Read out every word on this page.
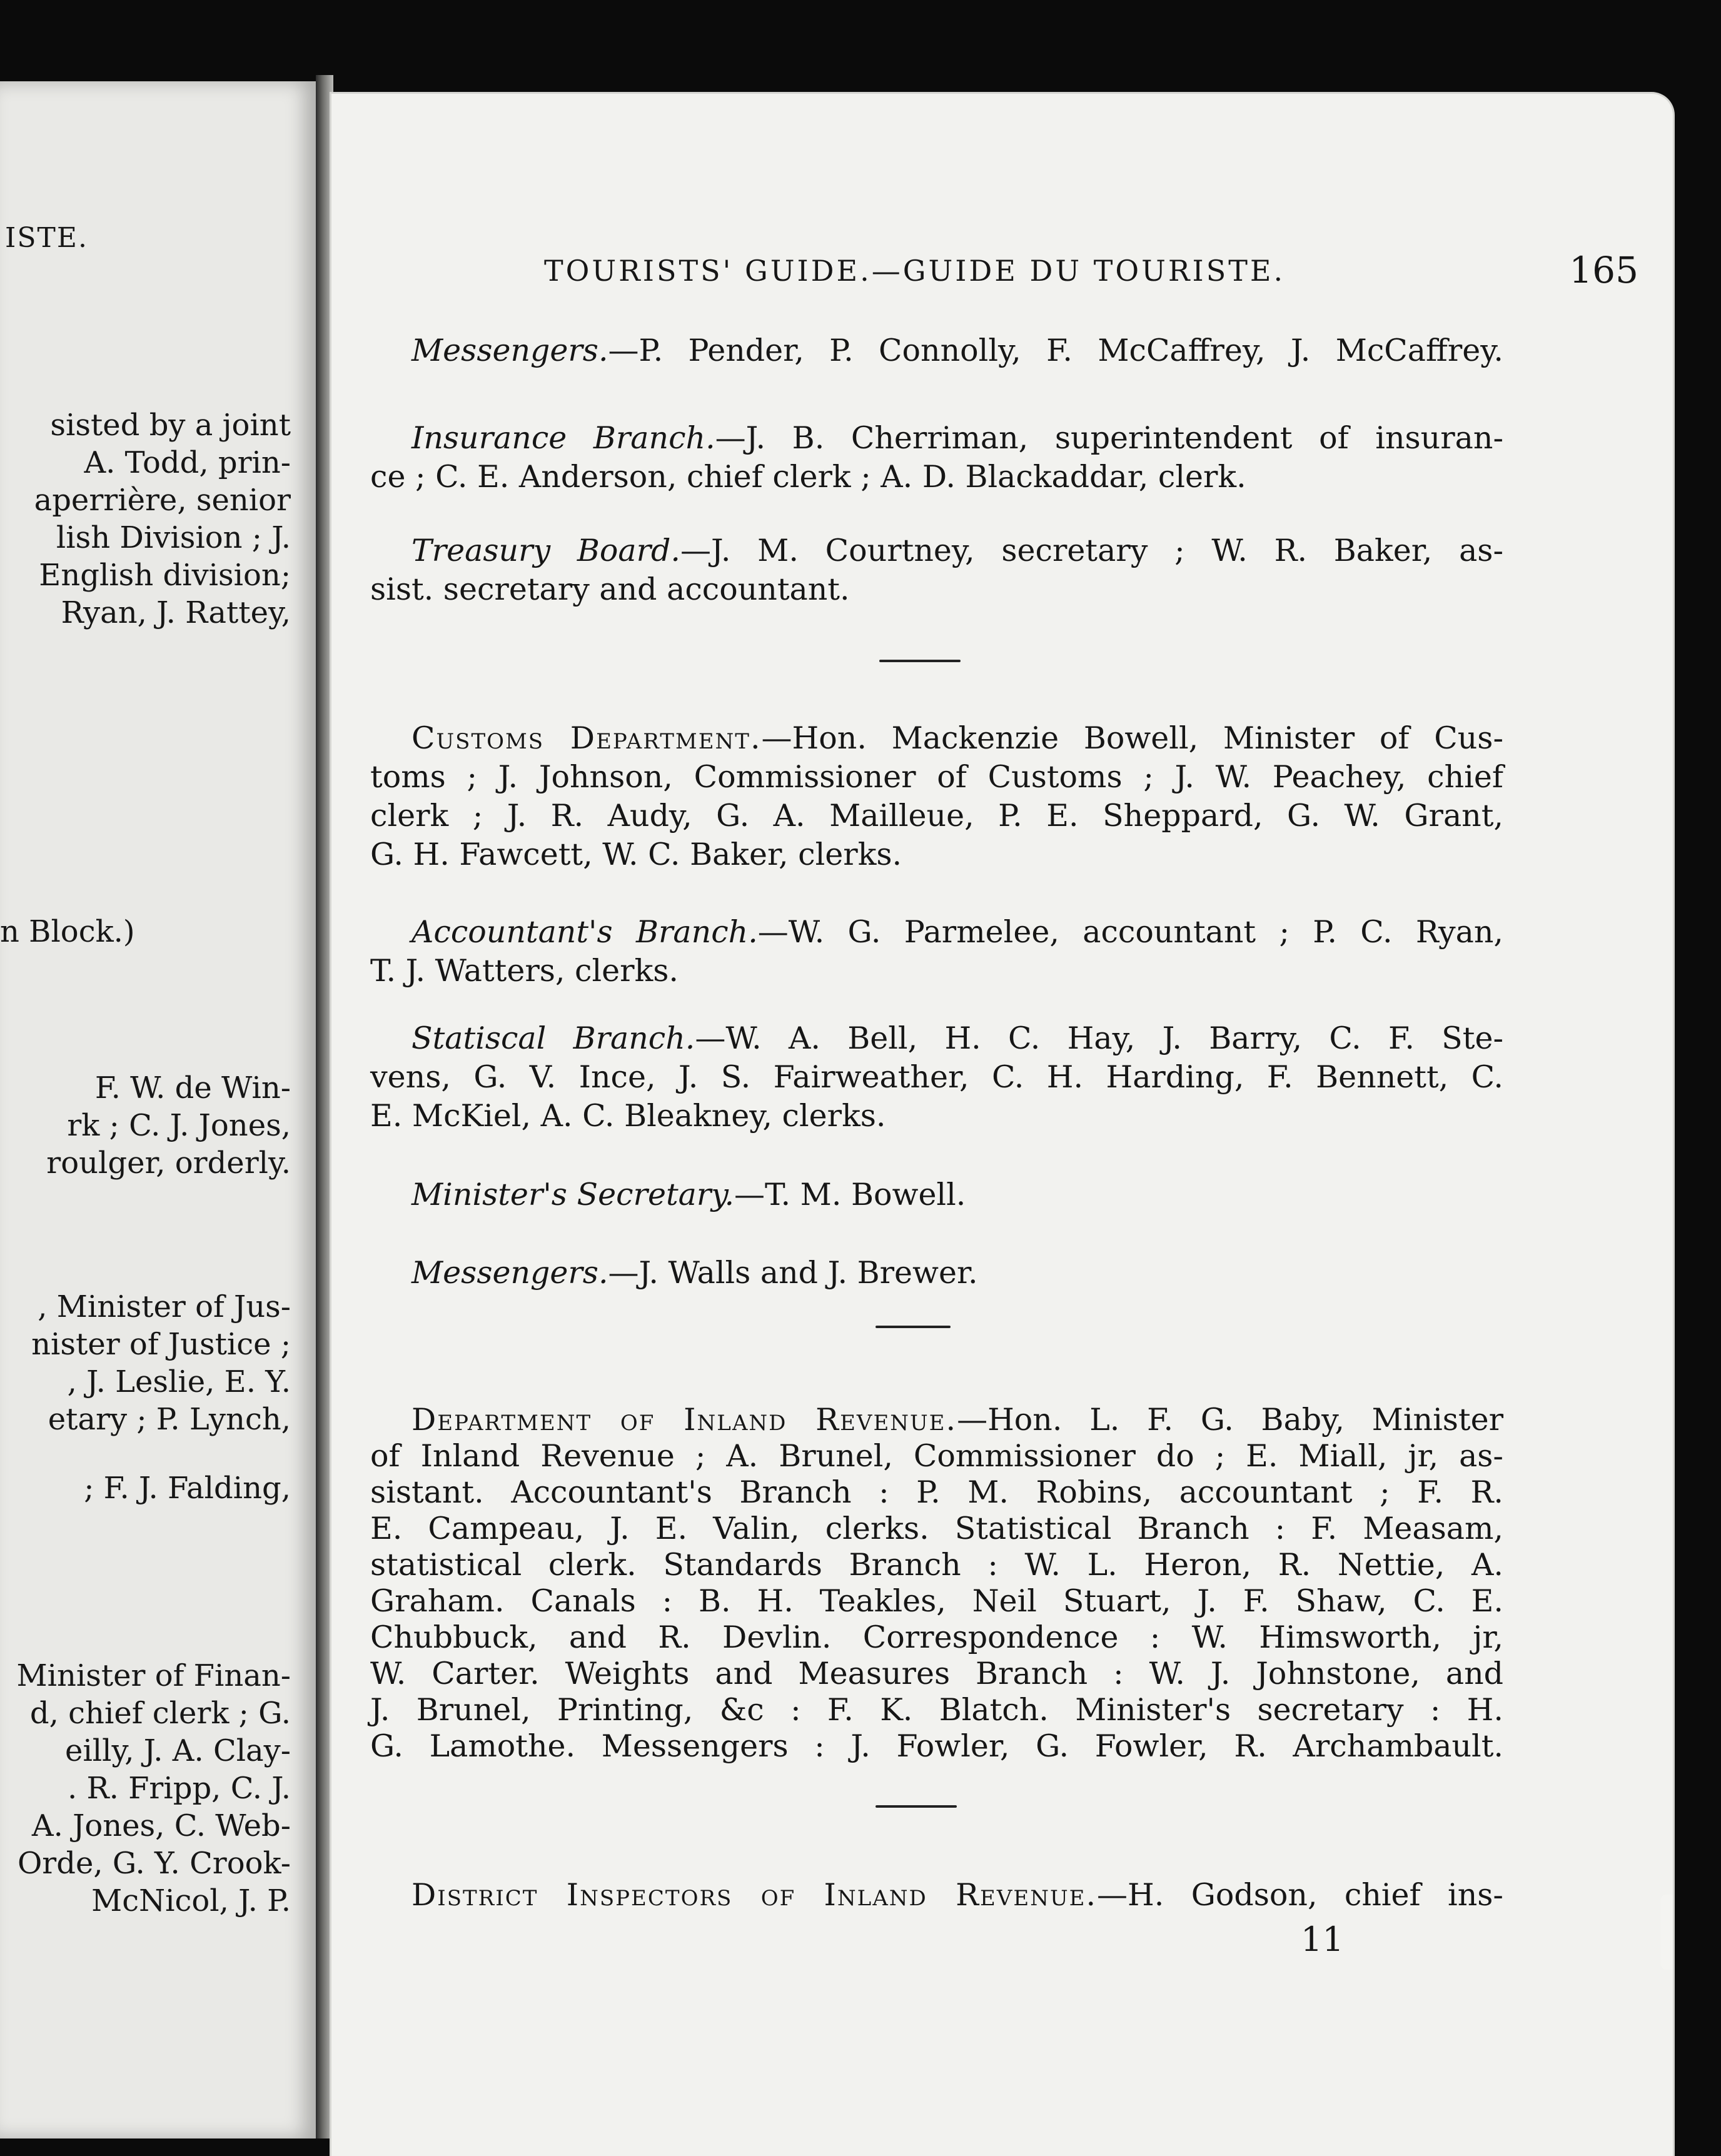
ISTE.
sisted by a joint
A. Todd, prin-
aperrière, senior
lish Division ; J.
English division;
Ryan, J. Rattey,
n Block.)
F. W. de Win-
rk ; C. J. Jones,
roulger, orderly.
, Minister of Jus-
nister of Justice ;
, J. Leslie, E. Y.
etary ; P. Lynch,
; F. J. Falding,
Minister of Finan-
d, chief clerk ; G.
eilly, J. A. Clay-
. R. Fripp, C. J.
A. Jones, C. Web-
Orde, G. Y. Crook-
McNicol, J. P.
TOURISTS' GUIDE.—GUIDE DU TOURISTE.	165
Messengers.—P. Pender, P. Connolly, F. McCaffrey, J. McCaffrey.
Insurance Branch.—J. B. Cherriman, superintendent of insuran-
ce ; C. E. Anderson, chief clerk ; A. D. Blackaddar, clerk.
Treasury Board.—J. M. Courtney, secretary ; W. R. Baker, as-
sist. secretary and accountant.
Customs Department.—Hon. Mackenzie Bowell, Minister of Cus-
toms ; J. Johnson, Commissioner of Customs ; J. W. Peachey, chief
clerk ; J. R. Audy, G. A. Mailleue, P. E. Sheppard, G. W. Grant,
G. H. Fawcett, W. C. Baker, clerks.
Accountant's Branch.—W. G. Parmelee, accountant ; P. C. Ryan,
T. J. Watters, clerks.
Statiscal Branch.—W. A. Bell, H. C. Hay, J. Barry, C. F. Ste-
vens, G. V. Ince, J. S. Fairweather, C. H. Harding, F. Bennett, C.
E. McKiel, A. C. Bleakney, clerks.
Minister's Secretary.—T. M. Bowell.
Messengers.—J. Walls and J. Brewer.
Department of Inland Revenue.—Hon. L. F. G. Baby, Minister
of Inland Revenue ; A. Brunel, Commissioner do ; E. Miall, jr, as-
sistant. Accountant's Branch : P. M. Robins, accountant ; F. R.
E. Campeau, J. E. Valin, clerks. Statistical Branch : F. Measam,
statistical clerk. Standards Branch : W. L. Heron, R. Nettie, A.
Graham. Canals : B. H. Teakles, Neil Stuart, J. F. Shaw, C. E.
Chubbuck, and R. Devlin. Correspondence : W. Himsworth, jr,
W. Carter. Weights and Measures Branch : W. J. Johnstone, and
J. Brunel, Printing, &c : F. K. Blatch. Minister's secretary : H.
G. Lamothe. Messengers : J. Fowler, G. Fowler, R. Archambault.
District Inspectors of Inland Revenue.—H. Godson, chief ins-
11
